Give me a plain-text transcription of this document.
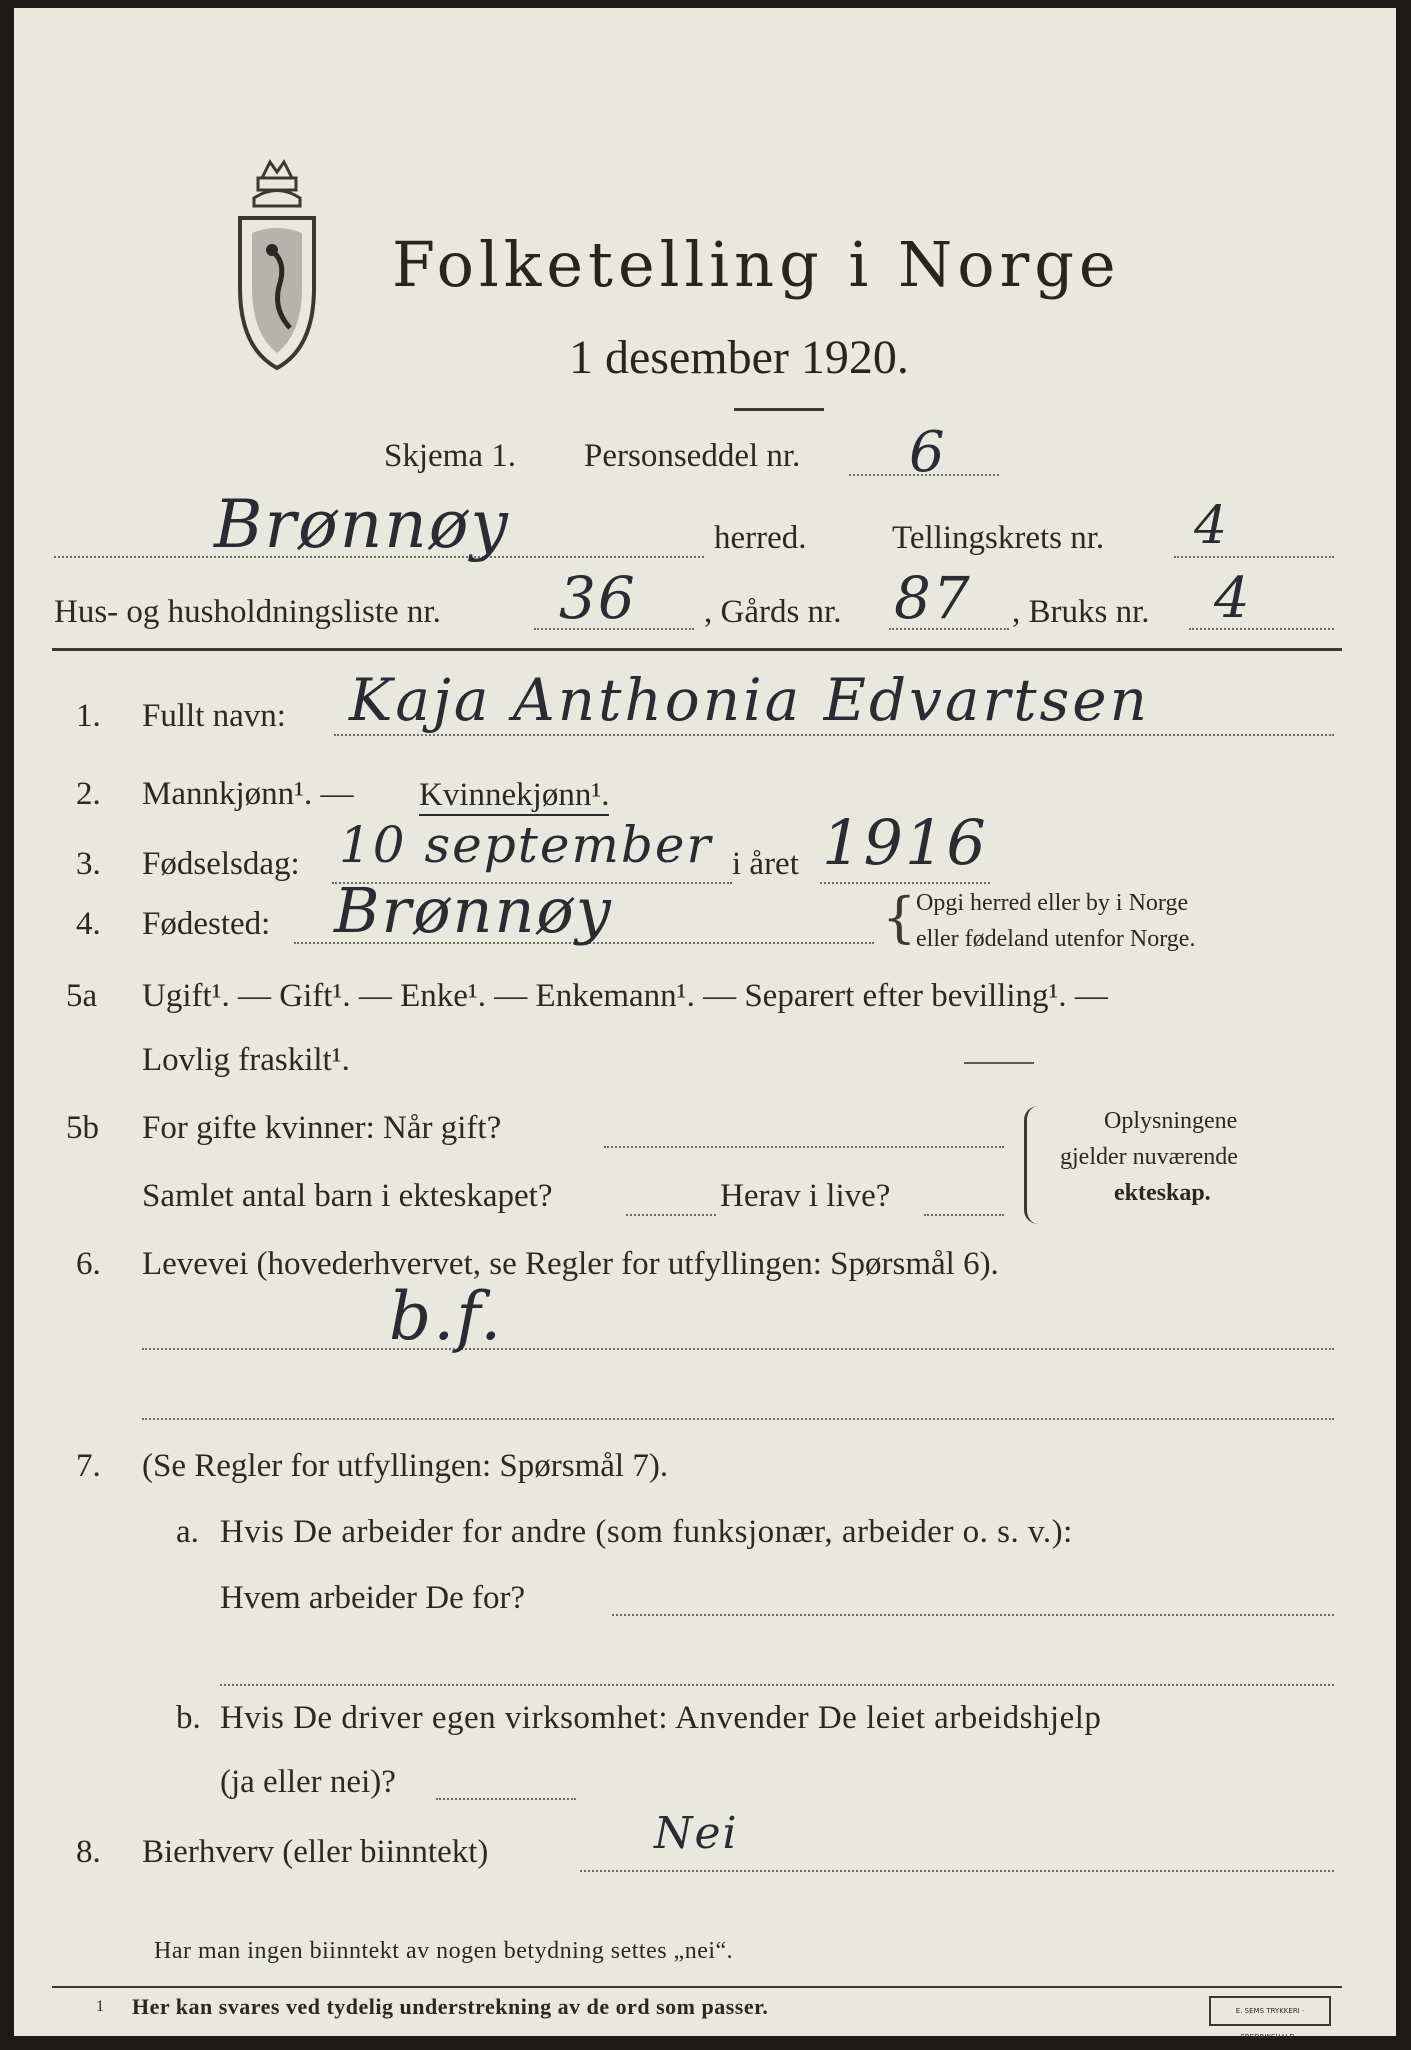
Folketelling i Norge
1 desember 1920.
Skjema 1. Personseddel nr. 6
Brønnøy	herred.	Tellingskrets nr. 4
Hus- og husholdningsliste nr. 36 , Gårds nr. 87 , Bruks nr. 4
1. Fullt navn: Kaja Anthonia Edvartsen
2. Mannkjønn¹. — Kvinnekjønn¹.
3. Fødselsdag: 10 september i året 1916
4. Fødested: Brønnøy	{ Opgi herred eller by i Norge
eller fødeland utenfor Norge.
5a Ugift¹. — Gift¹. — Enke¹. — Enkemann¹. — Separert efter bevilling¹. —
Lovlig fraskilt¹.
5b For gifte kvinner: Når gift?
Samlet antal barn i ekteskapet?	Herav i live?
Oplysningene
gjelder nuværende
ekteskap.
6. Levevei (hovederhvervet, se Regler for utfyllingen: Spørsmål 6).
b.f.
7. (Se Regler for utfyllingen: Spørsmål 7).
a. Hvis De arbeider for andre (som funksjonær, arbeider o. s. v.):
Hvem arbeider De for?
b. Hvis De driver egen virksomhet: Anvender De leiet arbeidshjelp
(ja eller nei)?
8. Bierhverv (eller biinntekt)	Nei
Har man ingen biinntekt av nogen betydning settes „nei“.
1 Her kan svares ved tydelig understrekning av de ord som passer.	E. SEMS TRYKKERI · FREDRIKSHALD ·
